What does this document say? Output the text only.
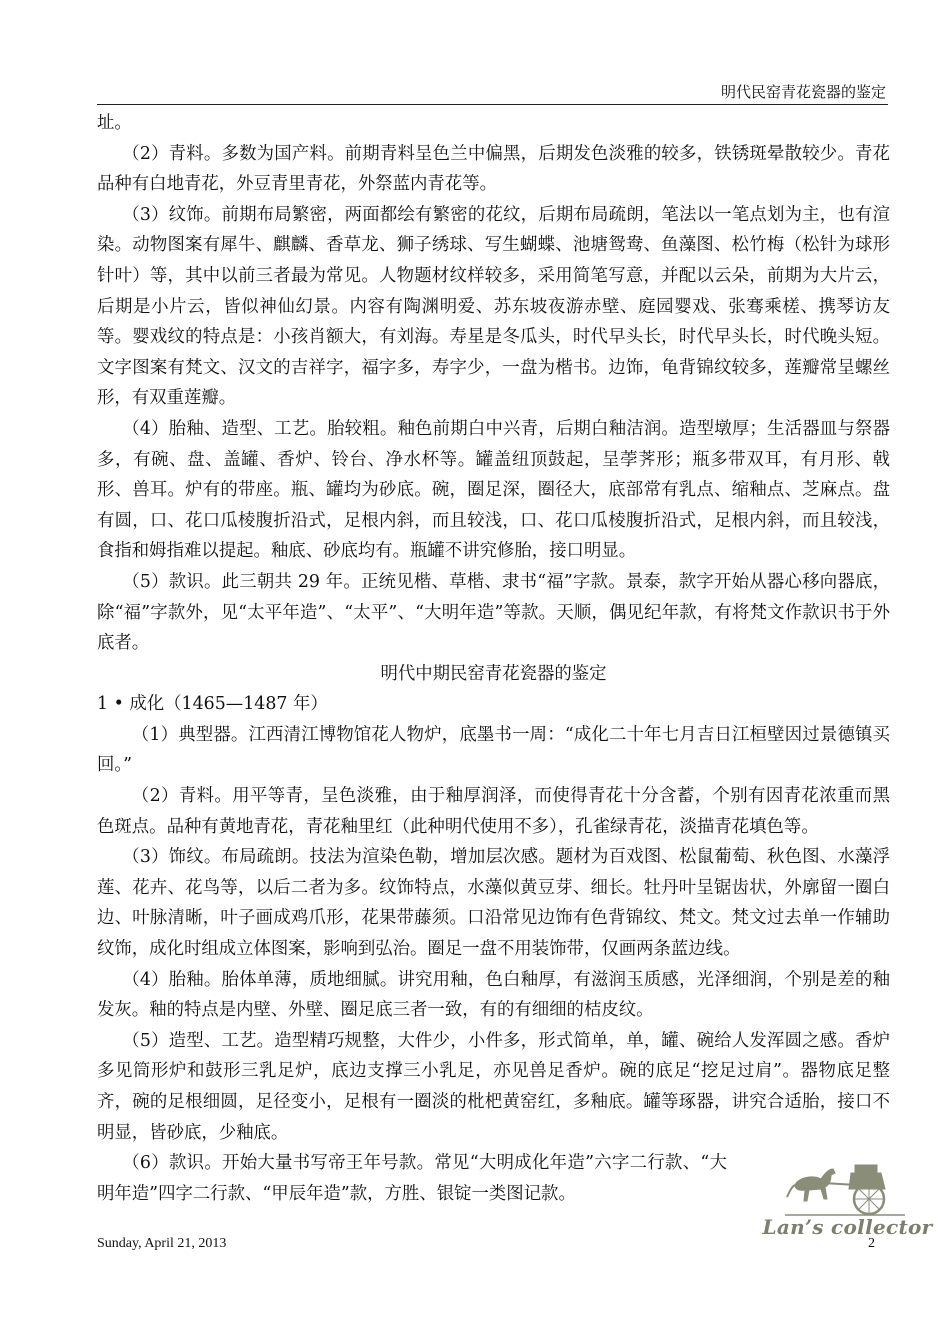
明代民窑青花瓷器的鉴定

址。

（2）青料。多数为国产料。前期青料呈色兰中偏黑，后期发色淡雅的较多，铁锈斑晕散较少。青花品种有白地青花，外豆青里青花，外祭蓝内青花等。

（3）纹饰。前期布局繁密，两面都绘有繁密的花纹，后期布局疏朗，笔法以一笔点划为主，也有渲染。动物图案有犀牛、麒麟、香草龙、狮子绣球、写生蝴蝶、池塘鸳鸯、鱼藻图、松竹梅（松针为球形针叶）等，其中以前三者最为常见。人物题材纹样较多，采用简笔写意，并配以云朵，前期为大片云，后期是小片云，皆似神仙幻景。内容有陶渊明爱、苏东坡夜游赤壁、庭园婴戏、张骞乘槎、携琴访友等。婴戏纹的特点是：小孩肖额大，有刘海。寿星是冬瓜头，时代早头长，时代早头长，时代晚头短。文字图案有梵文、汉文的吉祥字，福字多，寿字少，一盘为楷书。边饰，龟背锦纹较多，莲瓣常呈螺丝形，有双重莲瓣。

（4）胎釉、造型、工艺。胎较粗。釉色前期白中兴青，后期白釉洁润。造型墩厚；生活器皿与祭器多，有碗、盘、盖罐、香炉、铃台、净水杯等。罐盖纽顶鼓起，呈荸荠形；瓶多带双耳，有月形、戟形、兽耳。炉有的带座。瓶、罐均为砂底。碗，圈足深，圈径大，底部常有乳点、缩釉点、芝麻点。盘有圆，口、花口瓜棱腹折沿式，足根内斜，而且较浅，口、花口瓜棱腹折沿式，足根内斜，而且较浅，食指和姆指难以提起。釉底、砂底均有。瓶罐不讲究修胎，接口明显。

（5）款识。此三朝共 29 年。正统见楷、草楷、隶书“福”字款。景泰，款字开始从器心移向器底，除“福”字款外，见“太平年造”、“太平”、“大明年造”等款。天顺，偶见纪年款，有将梵文作款识书于外底者。

明代中期民窑青花瓷器的鉴定

1 • 成化（1465—1487 年）

（1）典型器。江西清江博物馆花人物炉，底墨书一周：“成化二十年七月吉日江桓壁因过景德镇买回。”

（2）青料。用平等青，呈色淡雅，由于釉厚润泽，而使得青花十分含蓄，个别有因青花浓重而黑色斑点。品种有黄地青花，青花釉里红（此种明代使用不多），孔雀绿青花，淡描青花填色等。

（3）饰纹。布局疏朗。技法为渲染色勒，增加层次感。题材为百戏图、松鼠葡萄、秋色图、水藻浮莲、花卉、花鸟等，以后二者为多。纹饰特点，水藻似黄豆芽、细长。牡丹叶呈锯齿状，外廓留一圈白边、叶脉清晰，叶子画成鸡爪形，花果带藤须。口沿常见边饰有色背锦纹、梵文。梵文过去单一作辅助纹饰，成化时组成立体图案，影响到弘治。圈足一盘不用装饰带，仅画两条蓝边线。

（4）胎釉。胎体单薄，质地细腻。讲究用釉，色白釉厚，有滋润玉质感，光泽细润，个别是差的釉发灰。釉的特点是内壁、外壁、圈足底三者一致，有的有细细的桔皮纹。

（5）造型、工艺。造型精巧规整，大件少，小件多，形式简单，单，罐、碗给人发浑圆之感。香炉多见筒形炉和鼓形三乳足炉，底边支撑三小乳足，亦见兽足香炉。碗的底足“挖足过肩”。器物底足整齐，碗的足根细圆，足径变小，足根有一圈淡的枇杷黄窑红，多釉底。罐等琢器，讲究合适胎，接口不明显，皆砂底，少釉底。

（6）款识。开始大量书写帝王年号款。常见“大明成化年造”六字二行款、“大明年造”四字二行款、“甲辰年造”款，方胜、银锭一类图记款。

Lan’s collector
Sunday, April 21, 2013	2
